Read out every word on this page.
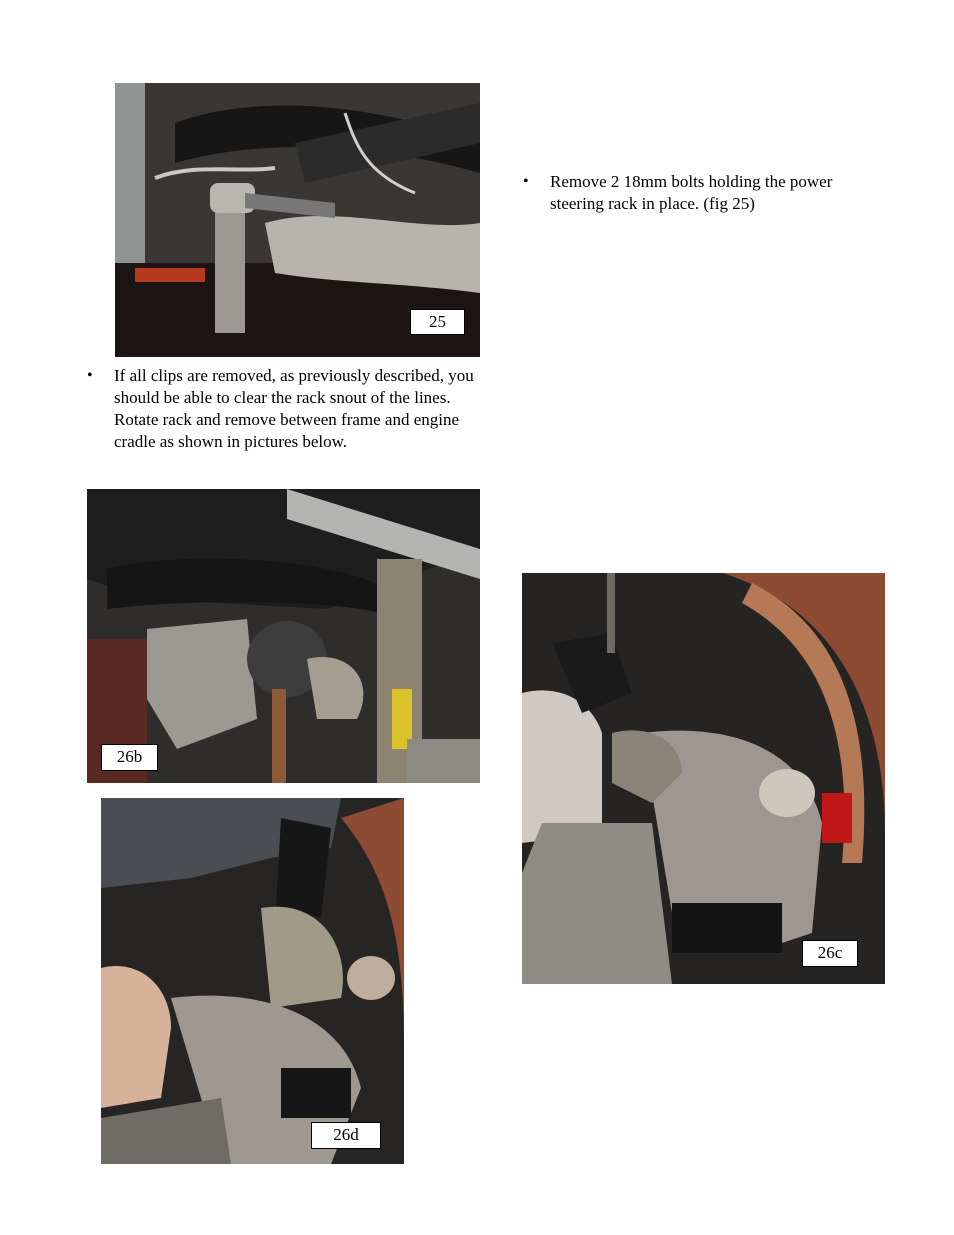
25
• Remove 2 18mm bolts holding the power
steering rack in place. (fig 25)
• If all clips are removed, as previously described, you
should be able to clear the rack snout of the lines.
Rotate rack and remove between frame and engine
cradle as shown in pictures below.
26b
26c
26d
